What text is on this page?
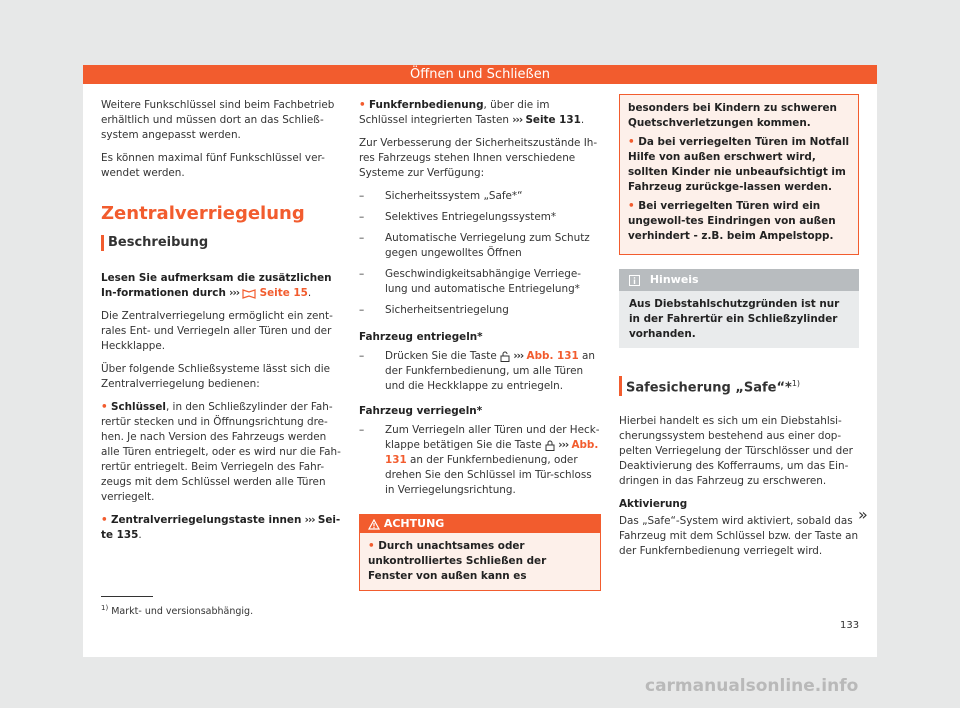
Öffnen und Schließen

Weitere Funkschlüssel sind beim Fachbetrieb erhältlich und müssen dort an das Schließ-system angepasst werden.

Es können maximal fünf Funkschlüssel ver-wendet werden.

Zentralverriegelung
Beschreibung

Lesen Sie aufmerksam die zusätzlichen In-formationen durch ››› Seite 15.

Die Zentralverriegelung ermöglicht ein zent-rales Ent- und Verriegeln aller Türen und der Heckklappe.

Über folgende Schließsysteme lässt sich die Zentralverriegelung bedienen:

• Schlüssel, in den Schließzylinder der Fah-rertür stecken und in Öffnungsrichtung dre-hen. Je nach Version des Fahrzeugs werden alle Türen entriegelt, oder es wird nur die Fah-rertür entriegelt. Beim Verriegeln des Fahr-zeugs mit dem Schlüssel werden alle Türen verriegelt.

• Zentralverriegelungstaste innen ››› Sei-te 135.

• Funkfernbedienung, über die im Schlüssel integrierten Tasten ››› Seite 131.

Zur Verbesserung der Sicherheitszustände Ih-res Fahrzeugs stehen Ihnen verschiedene Systeme zur Verfügung:

–	Sicherheitssystem „Safe*“
–	Selektives Entriegelungssystem*
–	Automatische Verriegelung zum Schutz gegen ungewolltes Öffnen
–	Geschwindigkeitsabhängige Verriege-lung und automatische Entriegelung*
–	Sicherheitsentriegelung

Fahrzeug entriegeln*

–	Drücken Sie die Taste ››› Abb. 131 an der Funkfernbedienung, um alle Türen und die Heckklappe zu entriegeln.

Fahrzeug verriegeln*

–	Zum Verriegeln aller Türen und der Heck-klappe betätigen Sie die Taste ››› Abb. 131 an der Funkfernbedienung, oder drehen Sie den Schlüssel im Tür-schloss in Verriegelungsrichtung.
ACHTUNG
• Durch unachtsames oder unkontrolliertes Schließen der Fenster von außen kann es

besonders bei Kindern zu schweren Quetschverletzungen kommen.

• Da bei verriegelten Türen im Notfall Hilfe von außen erschwert wird, sollten Kinder nie unbeaufsichtigt im Fahrzeug zurückge-lassen werden.

• Bei verriegelten Türen wird ein ungewoll-tes Eindringen von außen verhindert - z.B. beim Ampelstopp.

Hinweis
Aus Diebstahlschutzgründen ist nur in der Fahrertür ein Schließzylinder vorhanden.
Safesicherung „Safe“*$^{1)}$

Hierbei handelt es sich um ein Diebstahlsi-cherungssystem bestehend aus einer dop-pelten Verriegelung der Türschlösser und der Deaktivierung des Kofferraums, um das Ein-dringen in das Fahrzeug zu erschweren.

Aktivierung

Das „Safe“-System wird aktiviert, sobald das Fahrzeug mit dem Schlüssel bzw. der Taste an der Funkfernbedienung verriegelt wird.

»
$^{1)}$ Markt- und versionsabhängig.
133
carmanualsonline.info
